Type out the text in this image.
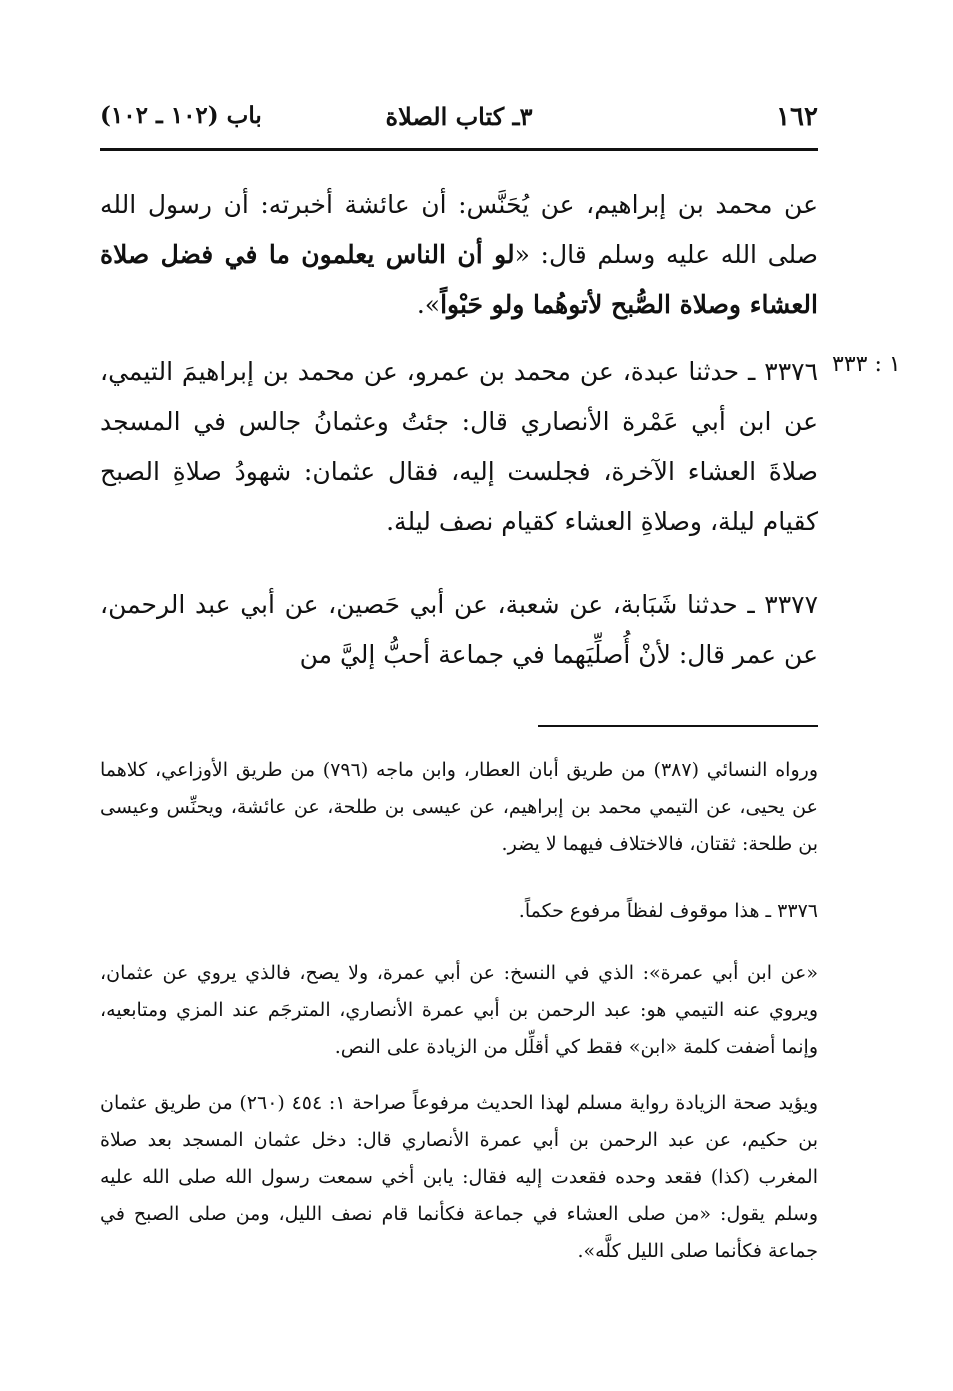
١٦٢
٣ـ كتاب الصلاة
باب (١٠٢ ـ ١٠٢)
عن محمد بن إبراهيم، عن يُحَنَّس: أن عائشة أخبرته: أن رسول الله صلى الله عليه وسلم قال: «لو أن الناس يعلمون ما في فضل صلاة العشاء وصلاة الصُّبح لأتوهُما ولو حَبْواً».
١ : ٣٣٣
٣٣٧٦ ـ حدثنا عبدة، عن محمد بن عمرو، عن محمد بن إبراهيمَ التيمي، عن ابن أبي عَمْرة الأنصاري قال: جئتُ وعثمانُ جالس في المسجد صلاةَ العشاء الآخرة، فجلست إليه، فقال عثمان: شهودُ صلاةِ الصبح كقيام ليلة، وصلاةِ العشاء كقيام نصف ليلة.
٣٣٧٧ ـ حدثنا شَبَابة، عن شعبة، عن أبي حَصين، عن أبي عبد الرحمن، عن عمر قال: لأنْ أُصلِّيَهما في جماعة أحبُّ إليَّ من
ورواه النسائي (٣٨٧) من طريق أبان العطار، وابن ماجه (٧٩٦) من طريق الأوزاعي، كلاهما عن يحيى، عن التيمي محمد بن إبراهيم، عن عيسى بن طلحة، عن عائشة، ويحنِّس وعيسى بن طلحة: ثقتان، فالاختلاف فيهما لا يضر.
٣٣٧٦ ـ هذا موقوف لفظاً مرفوع حكماً.
«عن ابن أبي عمرة»: الذي في النسخ: عن أبي عمرة، ولا يصح، فالذي يروي عن عثمان، ويروي عنه التيمي هو: عبد الرحمن بن أبي عمرة الأنصاري، المترجَم عند المزي ومتابعيه، وإنما أضفت كلمة «ابن» فقط كي أقلِّل من الزيادة على النص.
ويؤيد صحة الزيادة رواية مسلم لهذا الحديث مرفوعاً صراحة ١: ٤٥٤ (٢٦٠) من طريق عثمان بن حكيم، عن عبد الرحمن بن أبي عمرة الأنصاري قال: دخل عثمان المسجد بعد صلاة المغرب (كذا) فقعد وحده فقعدت إليه فقال: يابن أخي سمعت رسول الله صلى الله عليه وسلم يقول: «من صلى العشاء في جماعة فكأنما قام نصف الليل، ومن صلى الصبح في جماعة فكأنما صلى الليل كلَّه».
